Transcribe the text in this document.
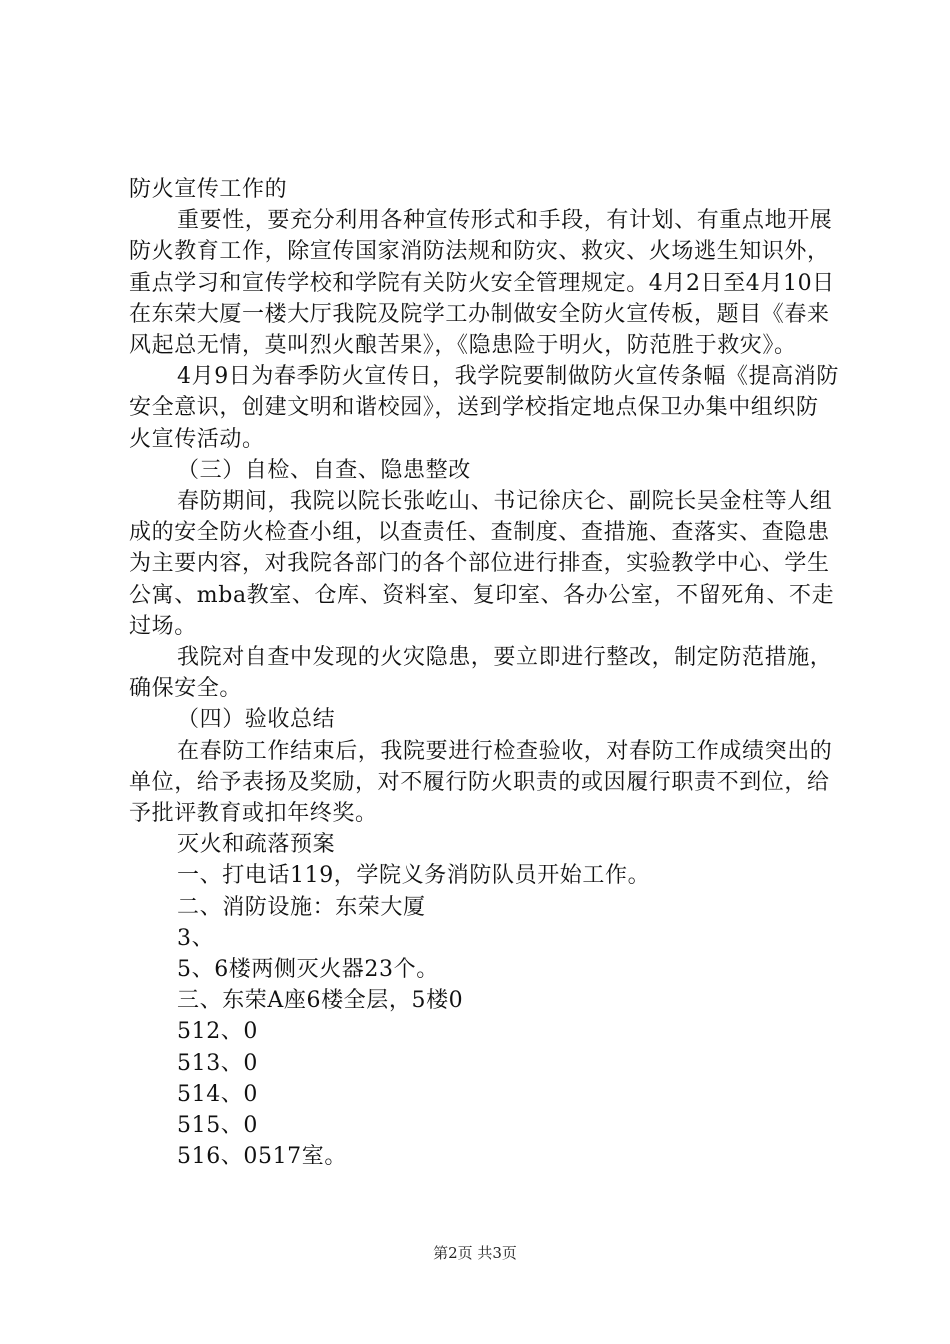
防火宣传工作的

重要性，要充分利用各种宣传形式和手段，有计划、有重点地开展防火教育工作，除宣传国家消防法规和防灾、救灾、火场逃生知识外，重点学习和宣传学校和学院有关防火安全管理规定。4月2日至4月10日在东荣大厦一楼大厅我院及院学工办制做安全防火宣传板，题目《春来风起总无情，莫叫烈火酿苦果》，《隐患险于明火，防范胜于救灾》。

4月9日为春季防火宣传日，我学院要制做防火宣传条幅《提高消防安全意识，创建文明和谐校园》，送到学校指定地点保卫办集中组织防火宣传活动。

（三）自检、自查、隐患整改

春防期间，我院以院长张屹山、书记徐庆仑、副院长吴金柱等人组成的安全防火检查小组，以查责任、查制度、查措施、查落实、查隐患为主要内容，对我院各部门的各个部位进行排查，实验教学中心、学生公寓、mba教室、仓库、资料室、复印室、各办公室，不留死角、不走过场。

我院对自查中发现的火灾隐患，要立即进行整改，制定防范措施，确保安全。

（四）验收总结

在春防工作结束后，我院要进行检查验收，对春防工作成绩突出的单位，给予表扬及奖励，对不履行防火职责的或因履行职责不到位，给予批评教育或扣年终奖。

灭火和疏落预案

一、打电话119，学院义务消防队员开始工作。

二、消防设施：东荣大厦

3、

5、6楼两侧灭火器23个。

三、东荣A座6楼全层，5楼0

512、0

513、0

514、0

515、0

516、0517室。

第2页 共3页
